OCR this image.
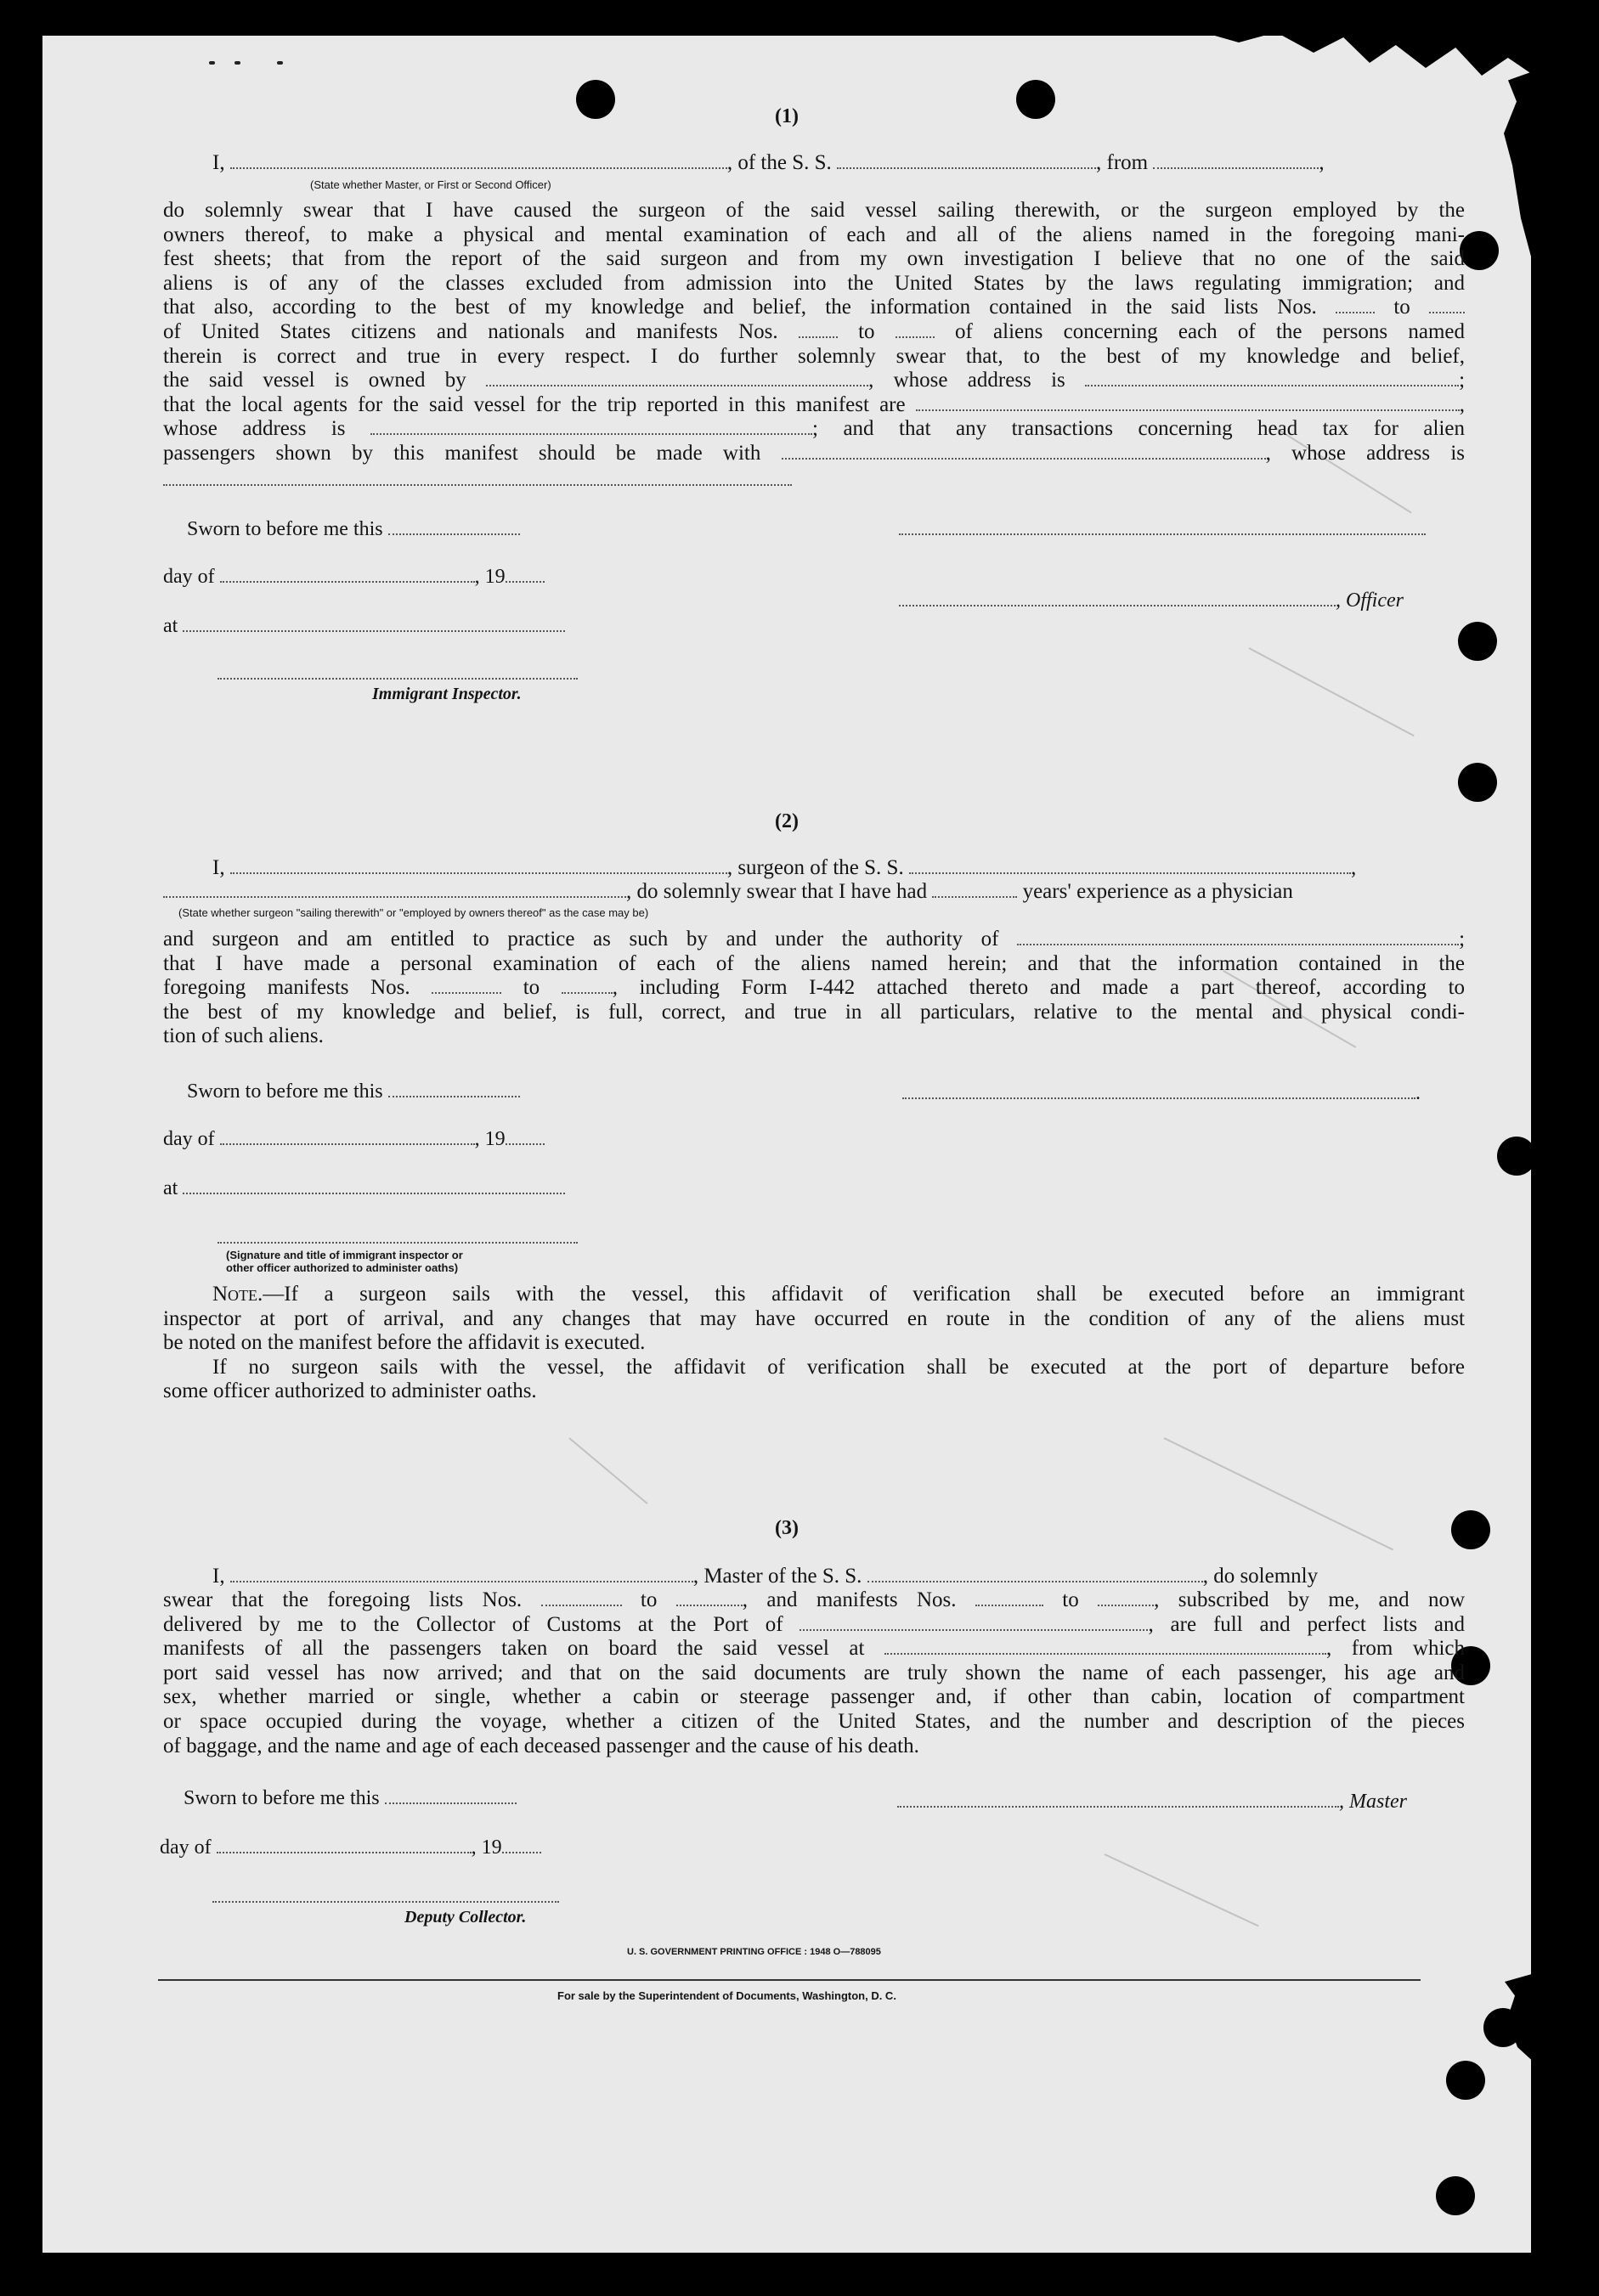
(1)
I,	, of the S. S.	, from	,
(State whether Master, or First or Second Officer)
do solemnly swear that I have caused the surgeon of the said vessel sailing therewith, or the surgeon employed by the
owners thereof, to make a physical and mental examination of each and all of the aliens named in the foregoing mani-
fest sheets; that from the report of the said surgeon and from my own investigation I believe that no one of the said
aliens is of any of the classes excluded from admission into the United States by the laws regulating immigration; and
that also, according to the best of my knowledge and belief, the information contained in the said lists Nos.	to
of United States citizens and nationals and manifests Nos.	to	of aliens concerning each of the persons named
therein is correct and true in every respect. I do further solemnly swear that, to the best of my knowledge and belief,
the said vessel is owned by	, whose address is	;
that the local agents for the said vessel for the trip reported in this manifest are	,
whose address is	; and that any transactions concerning head tax for alien
passengers shown by this manifest should be made with	, whose address is
Sworn to before me this
day of	, 19
at
Immigrant Inspector.
, Officer
(2)
I,	, surgeon of the S. S.	,
, do solemnly swear that I have had	years' experience as a physician
(State whether surgeon "sailing therewith" or "employed by owners thereof" as the case may be)
and surgeon and am entitled to practice as such by and under the authority of	;
that I have made a personal examination of each of the aliens named herein; and that the information contained in the
foregoing manifests Nos.	to	, including Form I-442 attached thereto and made a part thereof, according to
the best of my knowledge and belief, is full, correct, and true in all particulars, relative to the mental and physical condi-
tion of such aliens.
Sworn to before me this
day of	, 19
at
.
(Signature and title of immigrant inspector or
other officer authorized to administer oaths)
Note.—If a surgeon sails with the vessel, this affidavit of verification shall be executed before an immigrant
inspector at port of arrival, and any changes that may have occurred en route in the condition of any of the aliens must
be noted on the manifest before the affidavit is executed.
If no surgeon sails with the vessel, the affidavit of verification shall be executed at the port of departure before
some officer authorized to administer oaths.
(3)
I,	, Master of the S. S.	, do solemnly
swear that the foregoing lists Nos.	to	, and manifests Nos.	to	, subscribed by me, and now
delivered by me to the Collector of Customs at the Port of	, are full and perfect lists and
manifests of all the passengers taken on board the said vessel at	, from which
port said vessel has now arrived; and that on the said documents are truly shown the name of each passenger, his age and
sex, whether married or single, whether a cabin or steerage passenger and, if other than cabin, location of compartment
or space occupied during the voyage, whether a citizen of the United States, and the number and description of the pieces
of baggage, and the name and age of each deceased passenger and the cause of his death.
Sworn to before me this
day of	, 19
, Master
Deputy Collector.
U. S. GOVERNMENT PRINTING OFFICE : 1948 O—788095
For sale by the Superintendent of Documents, Washington, D. C.
